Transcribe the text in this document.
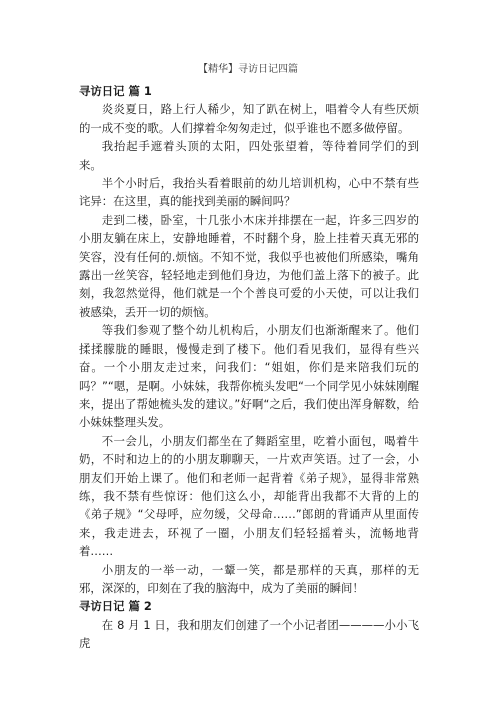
【精华】寻访日记四篇
寻访日记 篇 1

炎炎夏日，路上行人稀少，知了趴在树上，唱着令人有些厌烦的一成不变的歌。人们撑着伞匆匆走过，似乎谁也不愿多做停留。

我抬起手遮着头顶的太阳，四处张望着，等待着同学们的到来。

半个小时后，我抬头看着眼前的幼儿培训机构，心中不禁有些诧异：在这里，真的能找到美丽的瞬间吗？

走到二楼，卧室，十几张小木床并排摆在一起，许多三四岁的小朋友躺在床上，安静地睡着，不时翻个身，脸上挂着天真无邪的笑容，没有任何的.烦恼。不知不觉，我似乎也被他们所感染，嘴角露出一丝笑容，轻轻地走到他们身边，为他们盖上落下的被子。此刻，我忽然觉得，他们就是一个个善良可爱的小天使，可以让我们被感染，丢开一切的烦恼。

等我们参观了整个幼儿机构后，小朋友们也渐渐醒来了。他们揉揉朦胧的睡眼，慢慢走到了楼下。他们看见我们，显得有些兴奋。一个小朋友走过来，问我们：“姐姐，你们是来陪我们玩的吗？”“嗯，是啊。小妹妹，我帮你梳头发吧“一个同学见小妹妹刚醒来，提出了帮她梳头发的建议。”好啊“之后，我们使出浑身解数，给小妹妹整理头发。

不一会儿，小朋友们都坐在了舞蹈室里，吃着小面包，喝着牛奶，不时和边上的的小朋友聊聊天，一片欢声笑语。过了一会，小朋友们开始上课了。他们和老师一起背着《弟子规》，显得非常熟练，我不禁有些惊讶：他们这么小，却能背出我都不大背的上的《弟子规》“父母呼，应勿缓，父母命……”郎朗的背诵声从里面传来，我走进去，环视了一圈，小朋友们轻轻摇着头，流畅地背着……

小朋友的一举一动，一颦一笑，都是那样的天真，那样的无邪，深深的，印刻在了我的脑海中，成为了美丽的瞬间！

寻访日记 篇 2

在 8 月 1 日，我和朋友们创建了一个小记者团————小小飞虎
